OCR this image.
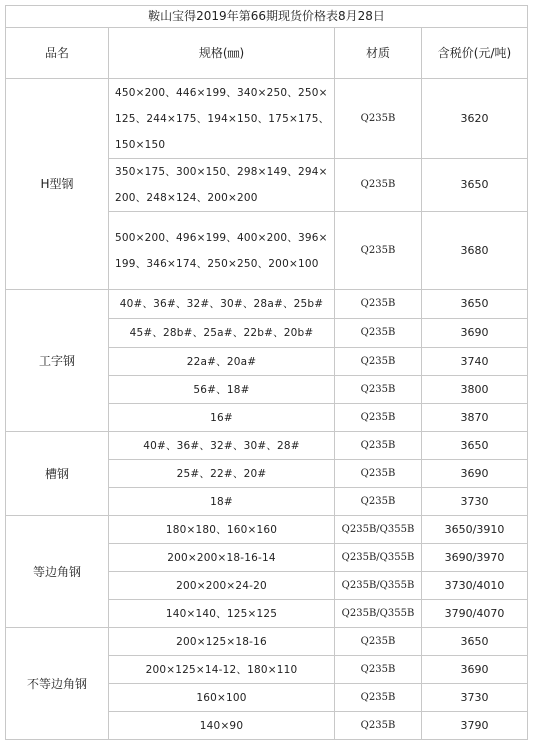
鞍山宝得2019年第66期现货价格表8月28日			
品名	规格(㎜)	材质	含税价(元/吨)
H型钢	450×200、446×199、340×250、250×125、244×175、194×150、175×175、150×150	Q235B	3620
	350×175、300×150、298×149、294×200、248×124、200×200	Q235B	3650
	500×200、496×199、400×200、396×199、346×174、250×250、200×100	Q235B	3680
工字钢	40#、36#、32#、30#、28a#、25b#	Q235B	3650
	45#、28b#、25a#、22b#、20b#	Q235B	3690
	22a#、20a#	Q235B	3740
	56#、18#	Q235B	3800
	16#	Q235B	3870
槽钢	40#、36#、32#、30#、28#	Q235B	3650
	25#、22#、20#	Q235B	3690
	18#	Q235B	3730
等边角钢	180×180、160×160	Q235B/Q355B	3650/3910
	200×200×18-16-14	Q235B/Q355B	3690/3970
	200×200×24-20	Q235B/Q355B	3730/4010
	140×140、125×125	Q235B/Q355B	3790/4070
不等边角钢	200×125×18-16	Q235B	3650
	200×125×14-12、180×110	Q235B	3690
	160×100	Q235B	3730
	140×90	Q235B	3790
